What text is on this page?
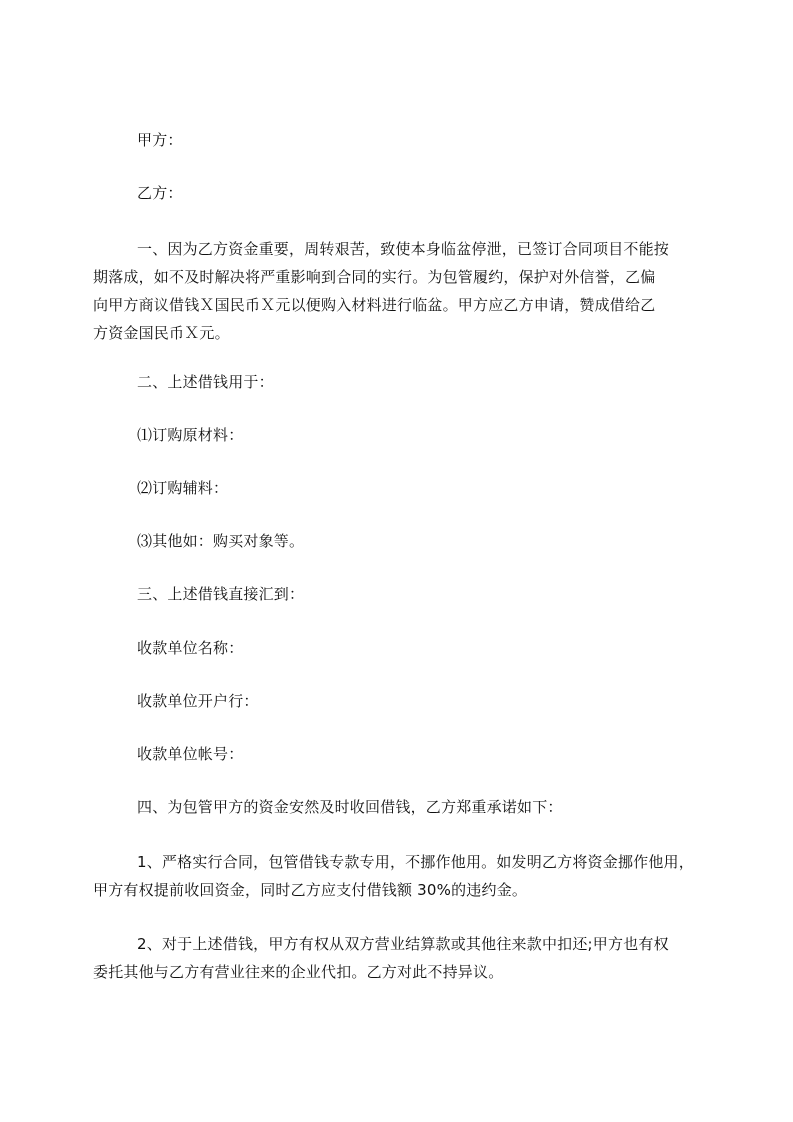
甲方：
乙方：
一、因为乙方资金重要，周转艰苦，致使本身临盆停泄，已签订合同项目不能按
期落成，如不及时解决将严重影响到合同的实行。为包管履约，保护对外信誉，乙偏
向甲方商议借钱Ｘ国民币Ｘ元以便购入材料进行临盆。甲方应乙方申请，赞成借给乙
方资金国民币Ｘ元。
二、上述借钱用于：
⑴订购原材料：
⑵订购辅料：
⑶其他如：购买对象等。
三、上述借钱直接汇到：
收款单位名称：
收款单位开户行：
收款单位帐号：
四、为包管甲方的资金安然及时收回借钱，乙方郑重承诺如下：
1、严格实行合同，包管借钱专款专用，不挪作他用。如发明乙方将资金挪作他用，
甲方有权提前收回资金，同时乙方应支付借钱额 30%的违约金。
2、对于上述借钱，甲方有权从双方营业结算款或其他往来款中扣还;甲方也有权
委托其他与乙方有营业往来的企业代扣。乙方对此不持异议。
